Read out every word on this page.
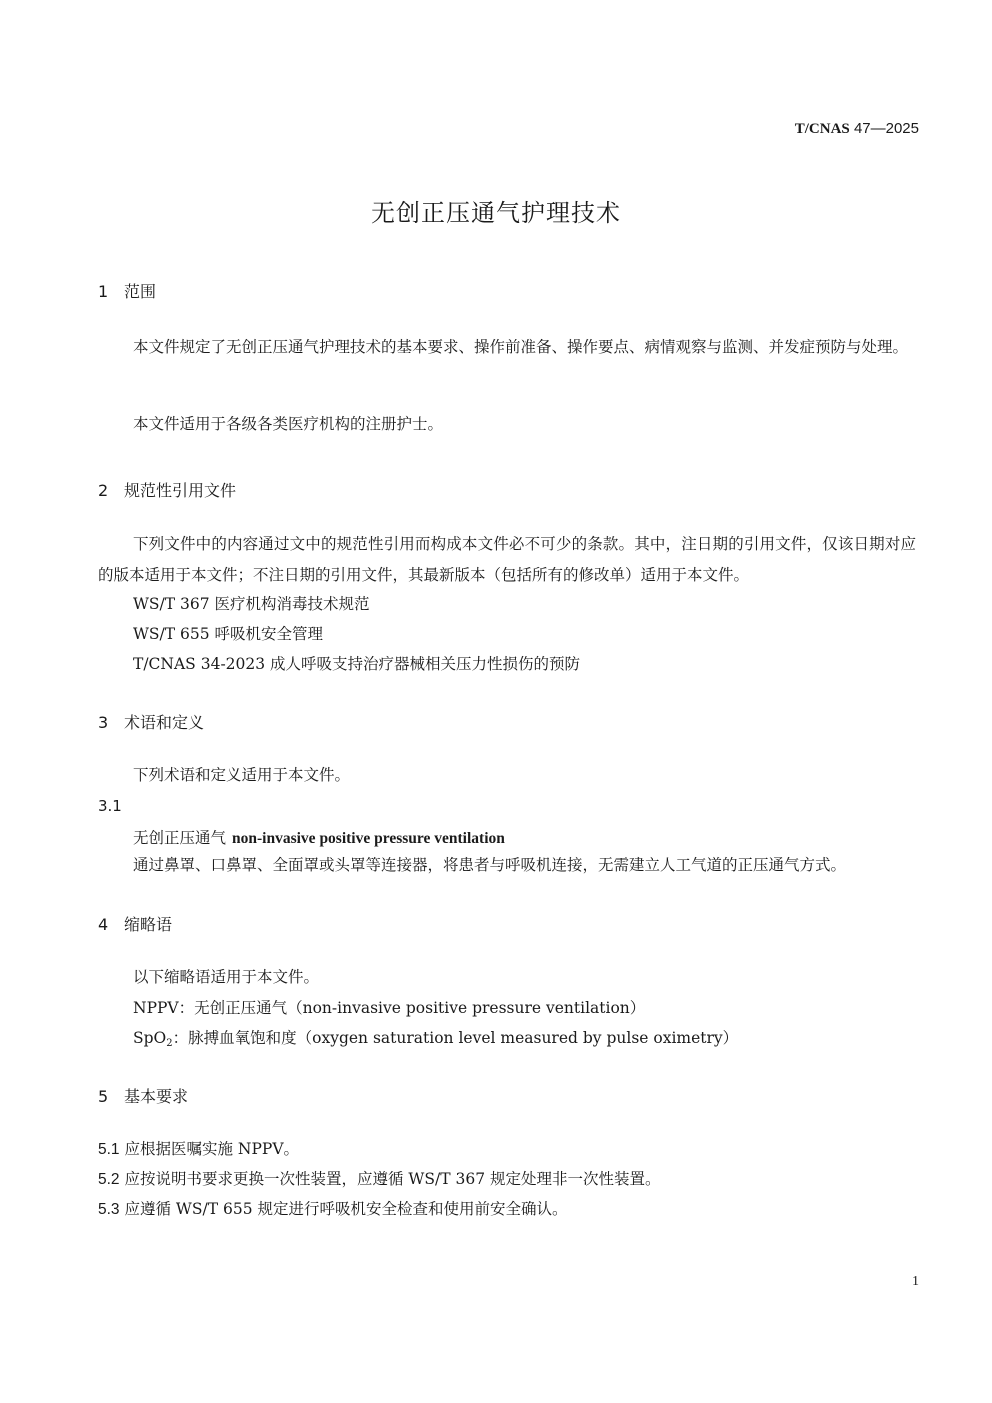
T/CNAS 47—2025
无创正压通气护理技术
1 范围
本文件规定了无创正压通气护理技术的基本要求、操作前准备、操作要点、病情观察与监测、并发症预防与处理。
本文件适用于各级各类医疗机构的注册护士。
2 规范性引用文件
下列文件中的内容通过文中的规范性引用而构成本文件必不可少的条款。其中，注日期的引用文件，仅该日期对应的版本适用于本文件；不注日期的引用文件，其最新版本（包括所有的修改单）适用于本文件。
WS/T 367 医疗机构消毒技术规范
WS/T 655 呼吸机安全管理
T/CNAS 34-2023 成人呼吸支持治疗器械相关压力性损伤的预防
3 术语和定义
下列术语和定义适用于本文件。
3.1
无创正压通气 non-invasive positive pressure ventilation
通过鼻罩、口鼻罩、全面罩或头罩等连接器，将患者与呼吸机连接，无需建立人工气道的正压通气方式。
4 缩略语
以下缩略语适用于本文件。
NPPV：无创正压通气（non-invasive positive pressure ventilation）
SpO$_2$：脉搏血氧饱和度（oxygen saturation level measured by pulse oximetry）
5 基本要求
5.1 应根据医嘱实施 NPPV。
5.2 应按说明书要求更换一次性装置，应遵循 WS/T 367 规定处理非一次性装置。
5.3 应遵循 WS/T 655 规定进行呼吸机安全检查和使用前安全确认。
1
